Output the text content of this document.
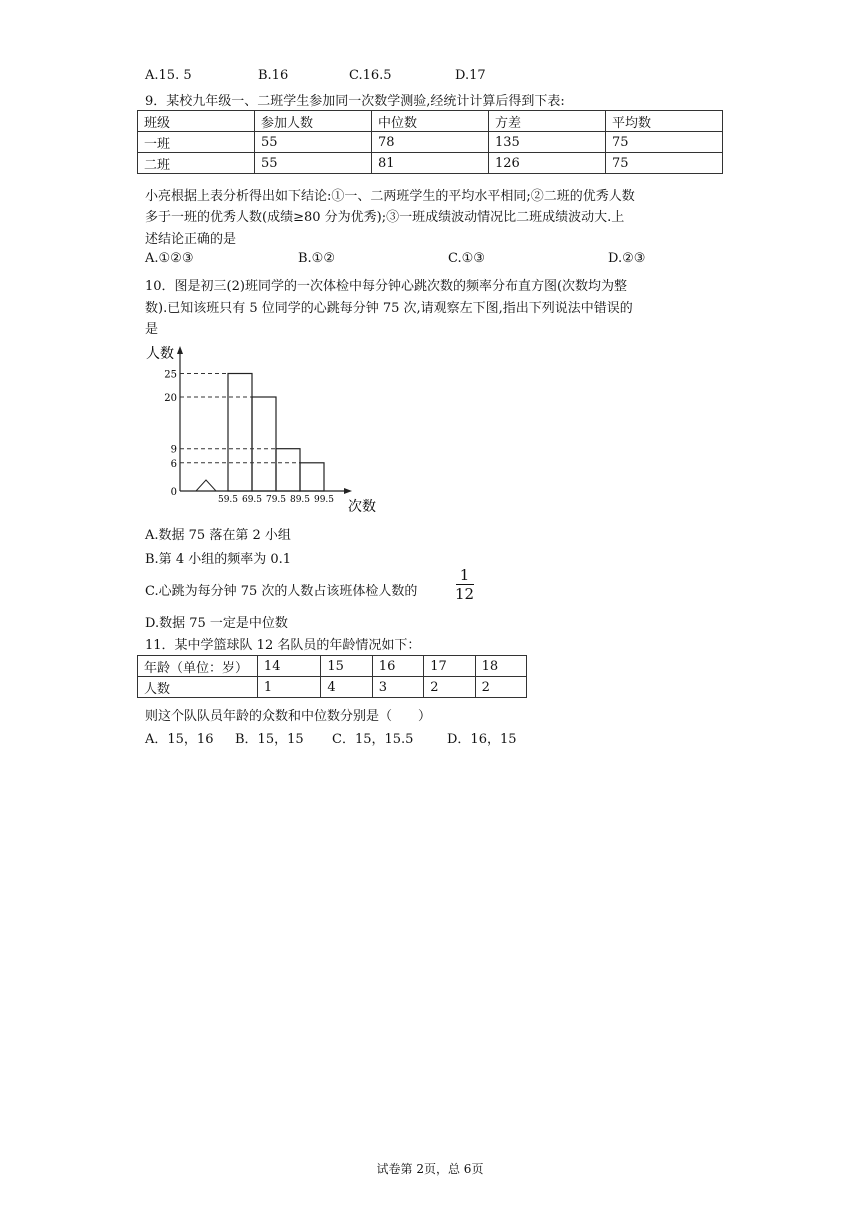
A.15. 5	B.16	C.16.5	D.17
9．某校九年级一、二班学生参加同一次数学测验,经统计计算后得到下表:
班级	参加人数	中位数	方差	平均数
一班	55	78	135	75
二班	55	81	126	75
小亮根据上表分析得出如下结论:①一、二两班学生的平均水平相同;②二班的优秀人数
多于一班的优秀人数(成绩≥80 分为优秀);③一班成绩波动情况比二班成绩波动大.上
述结论正确的是
A.①②③	B.①②	C.①③	D.②③
10．图是初三(2)班同学的一次体检中每分钟心跳次数的频率分布直方图(次数均为整
数).已知该班只有 5 位同学的心跳每分钟 75 次,请观察左下图,指出下列说法中错误的
是
人数
次数
0
6
9
20
25
59.5 69.5 79.5 89.5 99.5
A.数据 75 落在第 2 小组
B.第 4 小组的频率为 0.1
C.心跳为每分钟 75 次的人数占该班体检人数的
1
12
D.数据 75 一定是中位数
11．某中学篮球队 12 名队员的年龄情况如下：
年龄（单位：岁）	14	15	16	17	18
人数	1	4	3	2	2
则这个队队员年龄的众数和中位数分别是（　　）
A．15，16 B．15，15 C．15，15.5	D．16，15
试卷第 2页，总 6页
